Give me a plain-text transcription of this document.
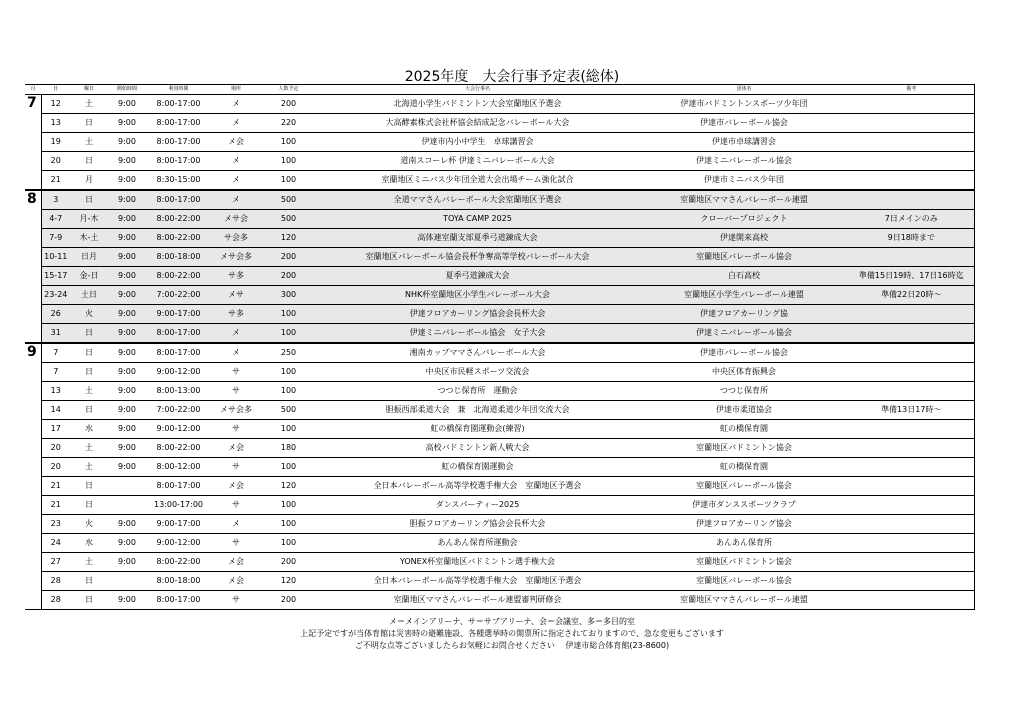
2025年度　大会行事予定表(総体)
月	日	曜日	開始時間	利用時間	場所	人数予定	大会行事名	団体名	備考
7	12	土	9:00	8:00-17:00	メ	200	北海道小学生バドミントン大会室蘭地区予選会	伊達市バドミントンスポーツ少年団	
	13	日	9:00	8:00-17:00	メ	220	大高酵素株式会社杯協会結成記念バレーボール大会	伊達市バレーボール協会	
	19	土	9:00	8:00-17:00	メ会	100	伊達市内小中学生　卓球講習会	伊達市卓球講習会	
	20	日	9:00	8:00-17:00	メ	100	道南スコーレ杯 伊達ミニバレーボール大会	伊達ミニバレーボール協会	
	21	月	9:00	8:30-15:00	メ	100	室蘭地区ミニバス少年団全道大会出場チーム強化試合	伊達市ミニバス少年団	
8	3	日	9:00	8:00-17:00	メ	500	全道ママさんバレーボール大会室蘭地区予選会	室蘭地区ママさんバレーボール連盟	
	4-7	月-木	9:00	8:00-22:00	メサ会	500	TOYA CAMP 2025	クローバープロジェクト	7日メインのみ
	7-9	木-土	9:00	8:00-22:00	サ会多	120	高体連室蘭支部夏季弓道錬成大会	伊達開来高校	9日18時まで
	10-11	日月	9:00	8:00-18:00	メサ会多	200	室蘭地区バレーボール協会長杯争奪高等学校バレーボール大会	室蘭地区バレーボール協会	
	15-17	金-日	9:00	8:00-22:00	サ多	200	夏季弓道錬成大会	白石高校	準備15日19時、17日16時迄
	23-24	土日	9:00	7:00-22:00	メサ	300	NHK杯室蘭地区小学生バレーボール大会	室蘭地区小学生バレーボール連盟	準備22日20時～
	26	火	9:00	9:00-17:00	サ多	100	伊達フロアカーリング協会会長杯大会	伊達フロアカーリング協	
	31	日	9:00	8:00-17:00	メ	100	伊達ミニバレーボール協会　女子大会	伊達ミニバレーボール協会	
9	7	日	9:00	8:00-17:00	メ	250	湘南カップママさんバレーボール大会	伊達市バレーボール協会	
	7	日	9:00	9:00-12:00	サ	100	中央区市民軽スポーツ交流会	中央区体育振興会	
	13	土	9:00	8:00-13:00	サ	100	つつじ保育所　運動会	つつじ保育所	
	14	日	9:00	7:00-22:00	メサ会多	500	胆振西部柔道大会　兼　北海道柔道少年団交流大会	伊達市柔道協会	準備13日17時～
	17	水	9:00	9:00-12:00	サ	100	虹の橋保育園運動会(練習)	虹の橋保育園	
	20	土	9:00	8:00-22:00	メ会	180	高校バドミントン新人戦大会	室蘭地区バドミントン協会	
	20	土	9:00	8:00-12:00	サ	100	虹の橋保育園運動会	虹の橋保育園	
	21	日		8:00-17:00	メ会	120	全日本バレーボール高等学校選手権大会　室蘭地区予選会	室蘭地区バレーボール協会	
	21	日		13:00-17:00	サ	100	ダンスパーティー2025	伊達市ダンススポーツクラブ	
	23	火	9:00	9:00-17:00	メ	100	胆振フロアカーリング協会会長杯大会	伊達フロアカーリング協会	
	24	水	9:00	9:00-12:00	サ	100	あんあん保育所運動会	あんあん保育所	
	27	土	9:00	8:00-22:00	メ会	200	YONEX杯室蘭地区バドミントン選手権大会	室蘭地区バドミントン協会	
	28	日		8:00-18:00	メ会	120	全日本バレーボール高等学校選手権大会　室蘭地区予選会	室蘭地区バレーボール協会	
	28	日	9:00	8:00-17:00	サ	200	室蘭地区ママさんバレーボール連盟審判研修会	室蘭地区ママさんバレーボール連盟	
メ＝メインアリーナ、サ＝サブアリーナ、会＝会議室、多＝多目的室
上記予定ですが当体育館は災害時の避難施設、各種選挙時の開票所に指定されておりますので、急な変更もございます
ご不明な点等ございましたらお気軽にお問合せください　 伊達市総合体育館(23-8600)
